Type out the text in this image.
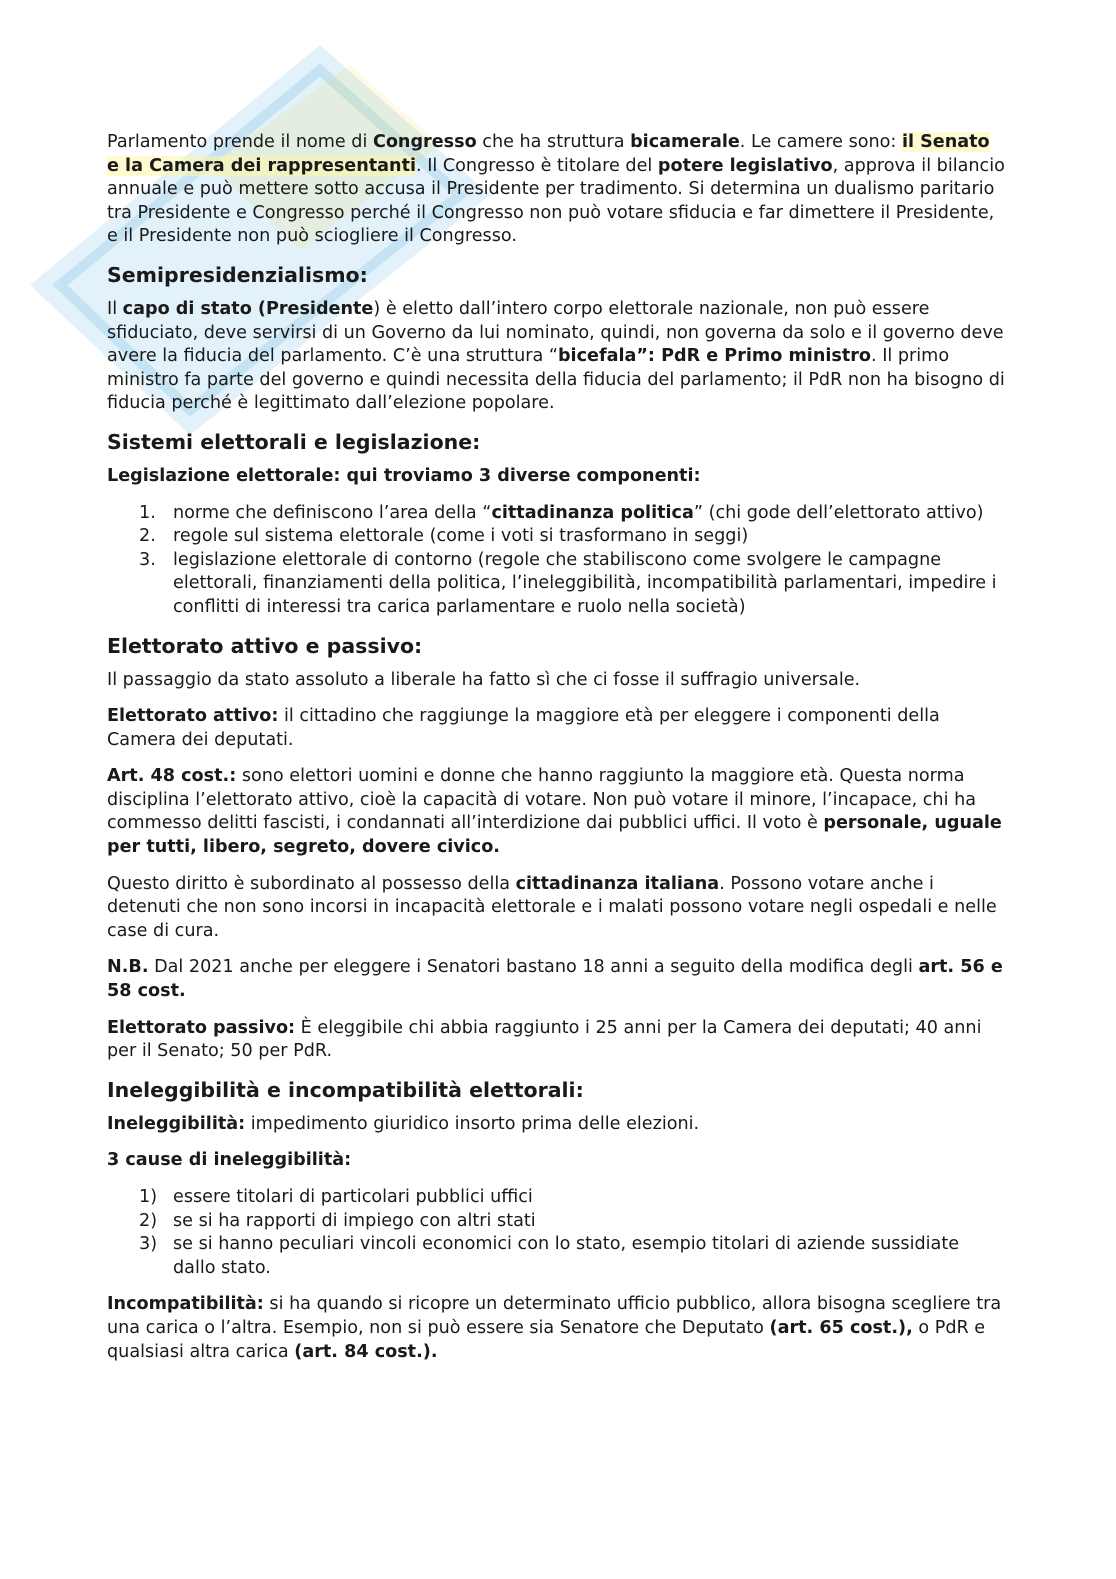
Parlamento prende il nome di Congresso che ha struttura bicamerale. Le camere sono: il Senato e la Camera dei rappresentanti. Il Congresso è titolare del potere legislativo, approva il bilancio annuale e può mettere sotto accusa il Presidente per tradimento. Si determina un dualismo paritario tra Presidente e Congresso perché il Congresso non può votare sfiducia e far dimettere il Presidente, e il Presidente non può sciogliere il Congresso.

Semipresidenzialismo:

Il capo di stato (Presidente) è eletto dall’intero corpo elettorale nazionale, non può essere sfiduciato, deve servirsi di un Governo da lui nominato, quindi, non governa da solo e il governo deve avere la fiducia del parlamento. C’è una struttura “bicefala”: PdR e Primo ministro. Il primo ministro fa parte del governo e quindi necessita della fiducia del parlamento; il PdR non ha bisogno di fiducia perché è legittimato dall’elezione popolare.

Sistemi elettorali e legislazione:

Legislazione elettorale: qui troviamo 3 diverse componenti:

1. norme che definiscono l’area della “cittadinanza politica” (chi gode dell’elettorato attivo)
2. regole sul sistema elettorale (come i voti si trasformano in seggi)
3. legislazione elettorale di contorno (regole che stabiliscono come svolgere le campagne elettorali, finanziamenti della politica, l’ineleggibilità, incompatibilità parlamentari, impedire i conflitti di interessi tra carica parlamentare e ruolo nella società)
Elettorato attivo e passivo:

Il passaggio da stato assoluto a liberale ha fatto sì che ci fosse il suffragio universale.

Elettorato attivo: il cittadino che raggiunge la maggiore età per eleggere i componenti della Camera dei deputati.

Art. 48 cost.: sono elettori uomini e donne che hanno raggiunto la maggiore età. Questa norma disciplina l’elettorato attivo, cioè la capacità di votare. Non può votare il minore, l’incapace, chi ha commesso delitti fascisti, i condannati all’interdizione dai pubblici uffici. Il voto è personale, uguale per tutti, libero, segreto, dovere civico.

Questo diritto è subordinato al possesso della cittadinanza italiana. Possono votare anche i detenuti che non sono incorsi in incapacità elettorale e i malati possono votare negli ospedali e nelle case di cura.

N.B. Dal 2021 anche per eleggere i Senatori bastano 18 anni a seguito della modifica degli art. 56 e 58 cost.

Elettorato passivo: È eleggibile chi abbia raggiunto i 25 anni per la Camera dei deputati; 40 anni per il Senato; 50 per PdR.

Ineleggibilità e incompatibilità elettorali:

Ineleggibilità: impedimento giuridico insorto prima delle elezioni.

3 cause di ineleggibilità:

1) essere titolari di particolari pubblici uffici
2) se si ha rapporti di impiego con altri stati
3) se si hanno peculiari vincoli economici con lo stato, esempio titolari di aziende sussidiate dallo stato.

Incompatibilità: si ha quando si ricopre un determinato ufficio pubblico, allora bisogna scegliere tra una carica o l’altra. Esempio, non si può essere sia Senatore che Deputato (art. 65 cost.), o PdR e qualsiasi altra carica (art. 84 cost.).
